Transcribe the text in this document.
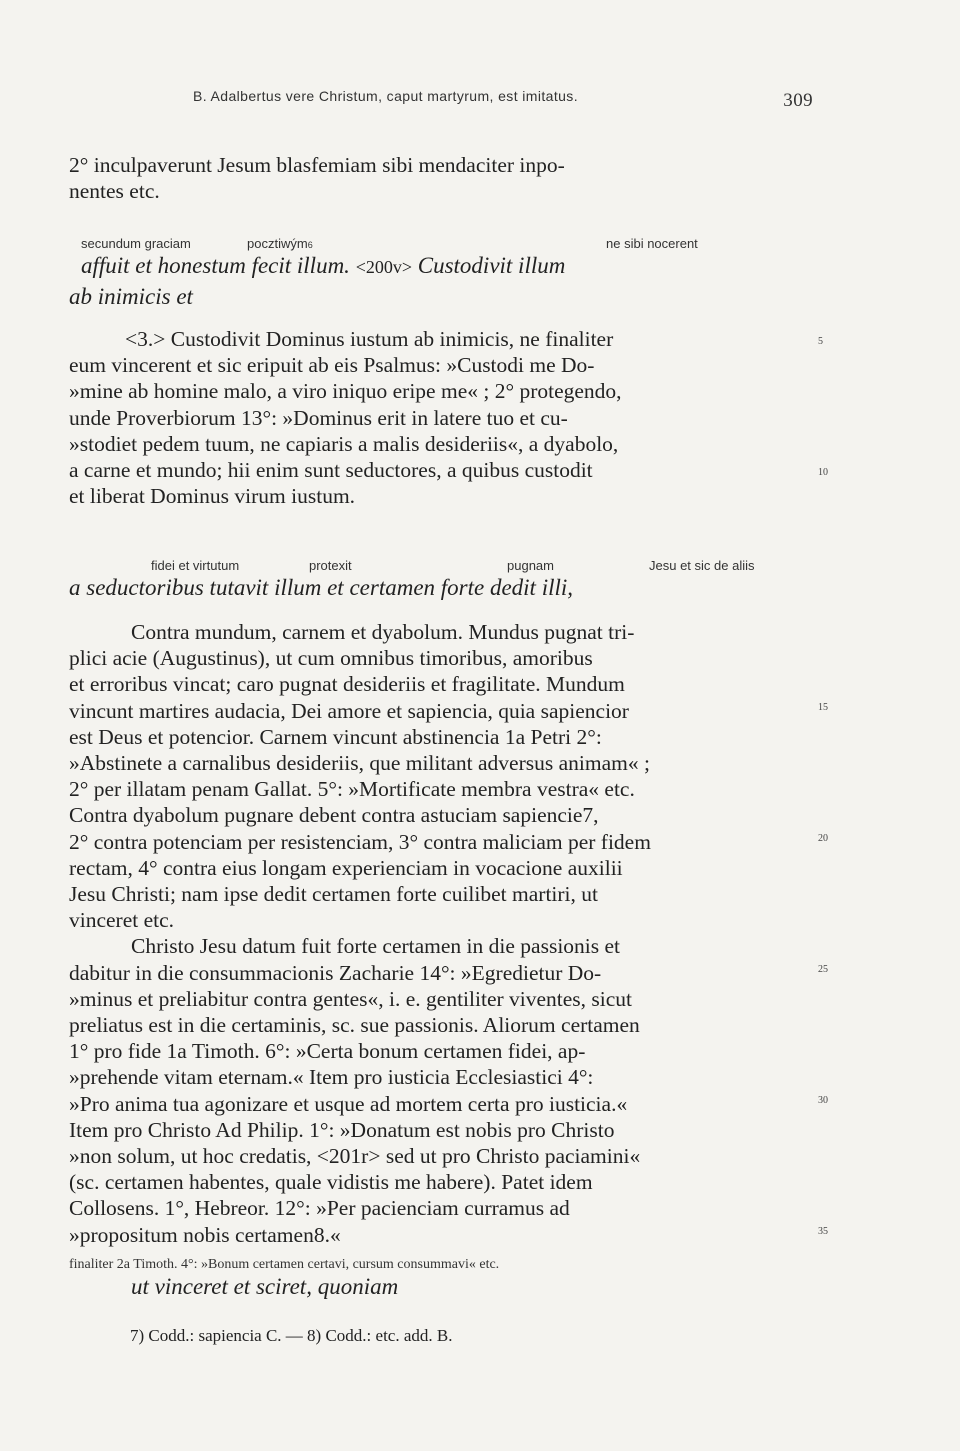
B. Adalbertus vere Christum, caput martyrum, est imitatus.	309
2° inculpaverunt Jesum blasfemiam sibi mendaciter inpo-
nentes etc.
secundum graciam	pocztiwým6	ne sibi nocerent
affuit et honestum fecit illum. <200v> Custodivit illum
ab inimicis et
<3.> Custodivit Dominus iustum ab inimicis, ne finaliter
eum vincerent et sic eripuit ab eis Psalmus: »Custodi me Do-
»mine ab homine malo, a viro iniquo eripe me« ; 2° protegendo,
unde Proverbiorum 13°: »Dominus erit in latere tuo et cu-
»stodiet pedem tuum, ne capiaris a malis desideriis«, a dyabolo,
a carne et mundo; hii enim sunt seductores, a quibus custodit
et liberat Dominus virum iustum.
fidei et virtutum	protexit	pugnam	Jesu et sic de aliis
a seductoribus tutavit illum et certamen forte dedit illi,
Contra mundum, carnem et dyabolum. Mundus pugnat tri-
plici acie (Augustinus), ut cum omnibus timoribus, amoribus
et erroribus vincat; caro pugnat desideriis et fragilitate. Mundum
vincunt martires audacia, Dei amore et sapiencia, quia sapiencior
est Deus et potencior. Carnem vincunt abstinencia 1a Petri 2°:
»Abstinete a carnalibus desideriis, que militant adversus animam« ;
2° per illatam penam Gallat. 5°: »Mortificate membra vestra« etc.
Contra dyabolum pugnare debent contra astuciam sapiencie7,
2° contra potenciam per resistenciam, 3° contra maliciam per fidem
rectam, 4° contra eius longam experienciam in vocacione auxilii
Jesu Christi; nam ipse dedit certamen forte cuilibet martiri, ut
vinceret etc.
Christo Jesu datum fuit forte certamen in die passionis et
dabitur in die consummacionis Zacharie 14°: »Egredietur Do-
»minus et preliabitur contra gentes«, i. e. gentiliter viventes, sicut
preliatus est in die certaminis, sc. sue passionis. Aliorum certamen
1° pro fide 1a Timoth. 6°: »Certa bonum certamen fidei, ap-
»prehende vitam eternam.« Item pro iusticia Ecclesiastici 4°:
»Pro anima tua agonizare et usque ad mortem certa pro iusticia.«
Item pro Christo Ad Philip. 1°: »Donatum est nobis pro Christo
»non solum, ut hoc credatis, <201r> sed ut pro Christo paciamini«
(sc. certamen habentes, quale vidistis me habere). Patet idem
Collosens. 1°, Hebreor. 12°: »Per pacienciam curramus ad
»propositum nobis certamen8.«
5
10
15
20
25
30
35
finaliter 2a Timoth. 4°: »Bonum certamen certavi, cursum consummavi« etc.
ut vinceret et sciret, quoniam
7) Codd.: sapiencia C. — 8) Codd.: etc. add. B.
